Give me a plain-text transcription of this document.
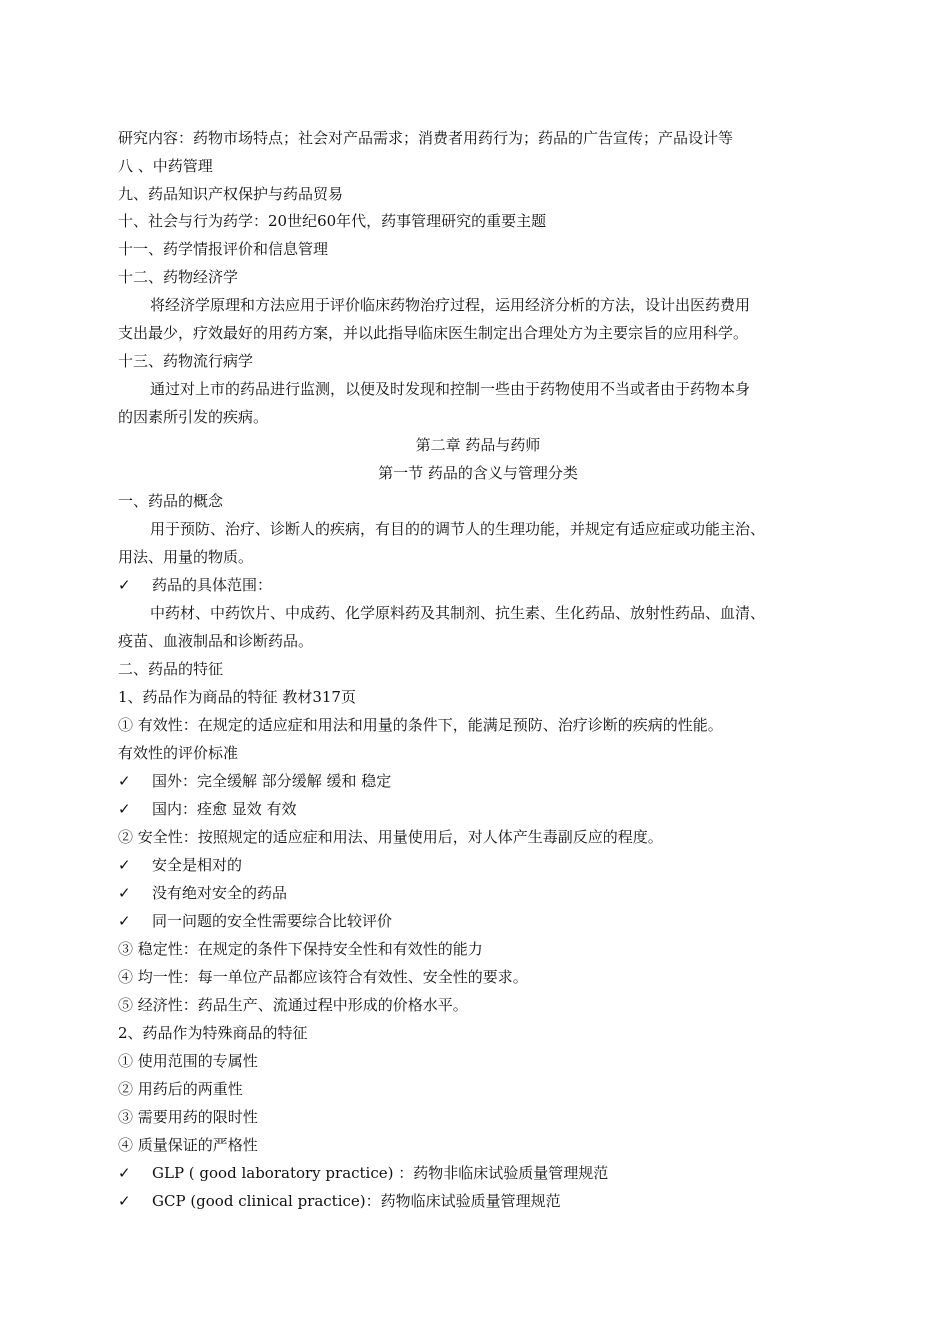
研究内容：药物市场特点；社会对产品需求；消费者用药行为；药品的广告宣传；产品设计等
八 、中药管理
九、药品知识产权保护与药品贸易
十、社会与行为药学：20世纪60年代，药事管理研究的重要主题
十一、药学情报评价和信息管理
十二、药物经济学
将经济学原理和方法应用于评价临床药物治疗过程，运用经济分析的方法，设计出医药费用
支出最少，疗效最好的用药方案，并以此指导临床医生制定出合理处方为主要宗旨的应用科学。
十三、药物流行病学
通过对上市的药品进行监测，以便及时发现和控制一些由于药物使用不当或者由于药物本身
的因素所引发的疾病。
第二章 药品与药师
第一节 药品的含义与管理分类
一、药品的概念
用于预防、治疗、诊断人的疾病，有目的的调节人的生理功能，并规定有适应症或功能主治、
用法、用量的物质。
✓ 药品的具体范围：
中药材、中药饮片、中成药、化学原料药及其制剂、抗生素、生化药品、放射性药品、血清、
疫苗、血液制品和诊断药品。
二、药品的特征
1、药品作为商品的特征 教材317页
① 有效性：在规定的适应症和用法和用量的条件下，能满足预防、治疗诊断的疾病的性能。
有效性的评价标准
✓ 国外：完全缓解 部分缓解 缓和 稳定
✓ 国内：痊愈 显效 有效
② 安全性：按照规定的适应症和用法、用量使用后，对人体产生毒副反应的程度。
✓ 安全是相对的
✓ 没有绝对安全的药品
✓ 同一问题的安全性需要综合比较评价
③ 稳定性：在规定的条件下保持安全性和有效性的能力
④ 均一性：每一单位产品都应该符合有效性、安全性的要求。
⑤ 经济性：药品生产、流通过程中形成的价格水平。
2、药品作为特殊商品的特征
① 使用范围的专属性
② 用药后的两重性
③ 需要用药的限时性
④ 质量保证的严格性
✓ GLP ( good laboratory practice) ：药物非临床试验质量管理规范
✓ GCP (good clinical practice)：药物临床试验质量管理规范
